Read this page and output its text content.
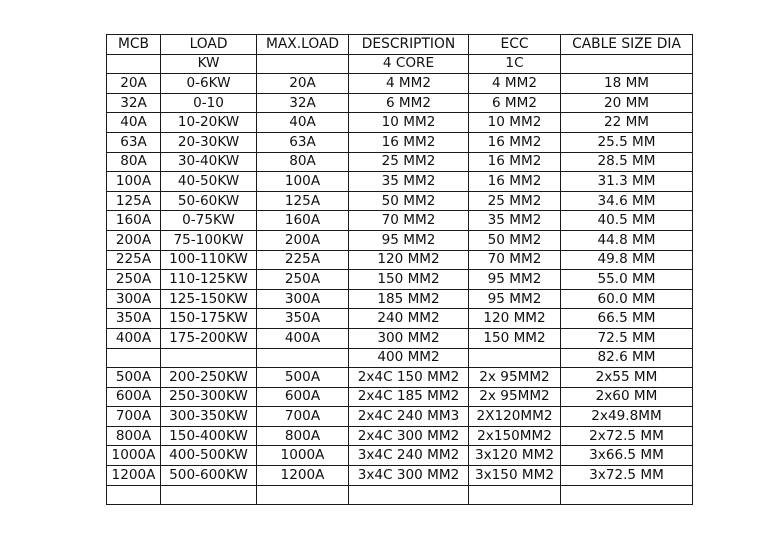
MCB	LOAD	MAX.LOAD	DESCRIPTION	ECC	CABLE SIZE DIA
	KW		4 CORE	1C	
20A	0-6KW	20A	4 MM2	4 MM2	18 MM
32A	0-10	32A	6 MM2	6 MM2	20 MM
40A	10-20KW	40A	10 MM2	10 MM2	22 MM
63A	20-30KW	63A	16 MM2	16 MM2	25.5 MM
80A	30-40KW	80A	25 MM2	16 MM2	28.5 MM
100A	40-50KW	100A	35 MM2	16 MM2	31.3 MM
125A	50-60KW	125A	50 MM2	25 MM2	34.6 MM
160A	0-75KW	160A	70 MM2	35 MM2	40.5 MM
200A	75-100KW	200A	95 MM2	50 MM2	44.8 MM
225A	100-110KW	225A	120 MM2	70 MM2	49.8 MM
250A	110-125KW	250A	150 MM2	95 MM2	55.0 MM
300A	125-150KW	300A	185 MM2	95 MM2	60.0 MM
350A	150-175KW	350A	240 MM2	120 MM2	66.5 MM
400A	175-200KW	400A	300 MM2	150 MM2	72.5 MM
			400 MM2		82.6 MM
500A	200-250KW	500A	2x4C 150 MM2	2x 95MM2	2x55 MM
600A	250-300KW	600A	2x4C 185 MM2	2x 95MM2	2x60 MM
700A	300-350KW	700A	2x4C 240 MM3	2X120MM2	2x49.8MM
800A	150-400KW	800A	2x4C 300 MM2	2x150MM2	2x72.5 MM
1000A	400-500KW	1000A	3x4C 240 MM2	3x120 MM2	3x66.5 MM
1200A	500-600KW	1200A	3x4C 300 MM2	3x150 MM2	3x72.5 MM
